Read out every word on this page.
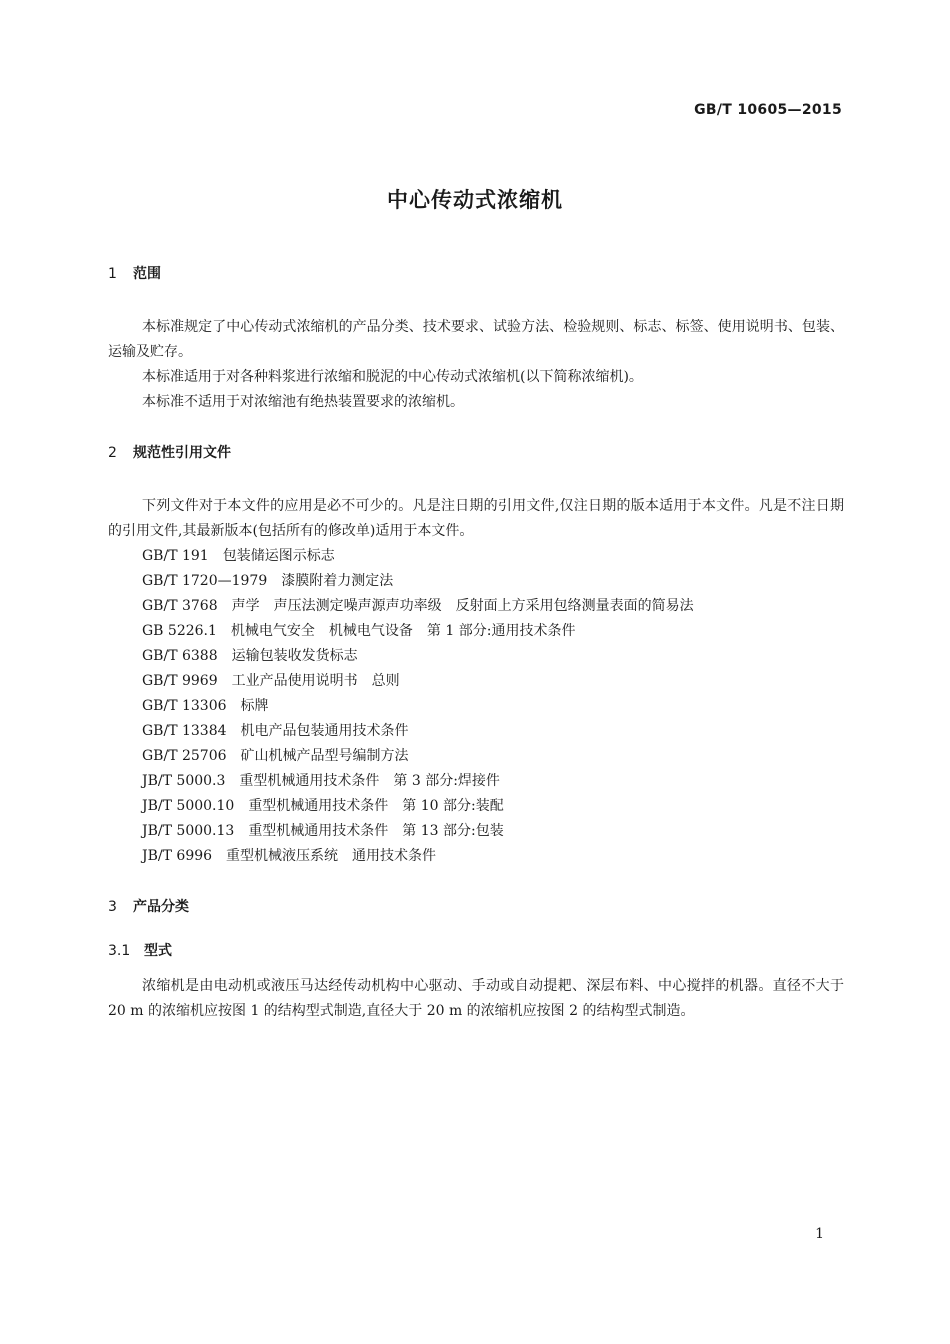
GB/T 10605—2015
中心传动式浓缩机
1	范围

本标准规定了中心传动式浓缩机的产品分类、技术要求、试验方法、检验规则、标志、标签、使用说明书、包装、运输及贮存。

本标准适用于对各种料浆进行浓缩和脱泥的中心传动式浓缩机(以下简称浓缩机)。

本标准不适用于对浓缩池有绝热装置要求的浓缩机。

2	规范性引用文件

下列文件对于本文件的应用是必不可少的。凡是注日期的引用文件,仅注日期的版本适用于本文件。凡是不注日期的引用文件,其最新版本(包括所有的修改单)适用于本文件。

GB/T 191 包装储运图示标志

GB/T 1720—1979 漆膜附着力测定法

GB/T 3768 声学　声压法测定噪声源声功率级　反射面上方采用包络测量表面的简易法

GB 5226.1 机械电气安全　机械电气设备　第 1 部分:通用技术条件

GB/T 6388 运输包装收发货标志

GB/T 9969 工业产品使用说明书　总则

GB/T 13306 标牌

GB/T 13384 机电产品包装通用技术条件

GB/T 25706 矿山机械产品型号编制方法

JB/T 5000.3 重型机械通用技术条件　第 3 部分:焊接件

JB/T 5000.10 重型机械通用技术条件　第 10 部分:装配

JB/T 5000.13 重型机械通用技术条件　第 13 部分:包装

JB/T 6996 重型机械液压系统　通用技术条件

3	产品分类
3.1 型式

浓缩机是由电动机或液压马达经传动机构中心驱动、手动或自动提耙、深层布料、中心搅拌的机器。直径不大于 20 m 的浓缩机应按图 1 的结构型式制造,直径大于 20 m 的浓缩机应按图 2 的结构型式制造。

1
